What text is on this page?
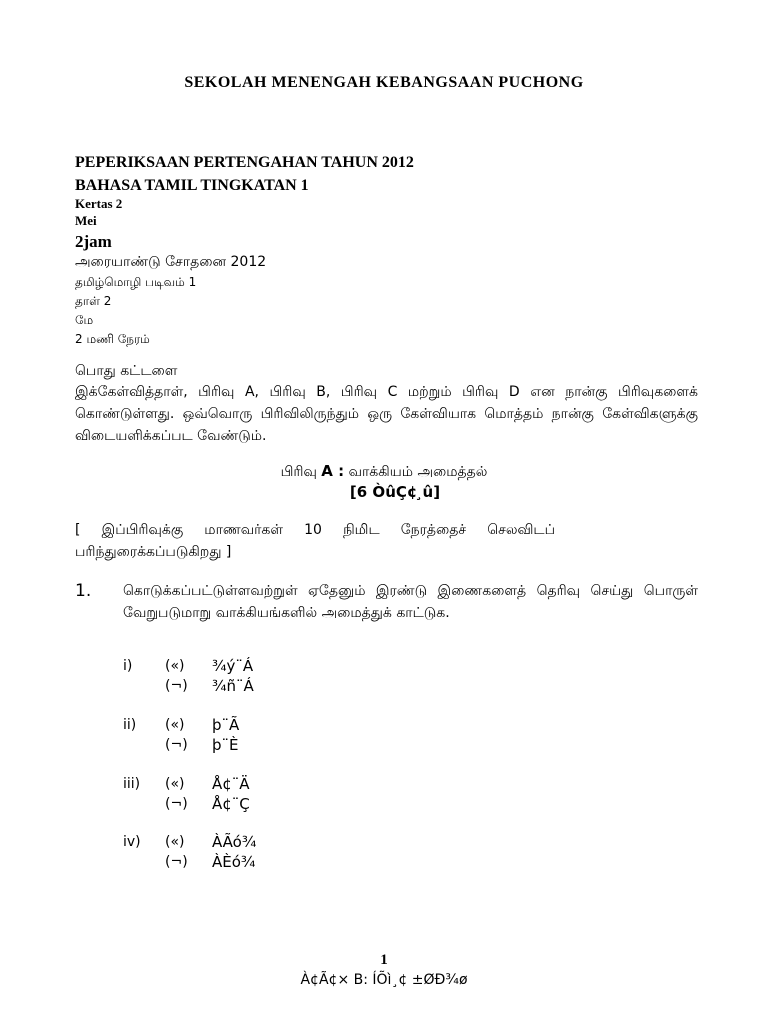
SEKOLAH MENENGAH KEBANGSAAN PUCHONG
PEPERIKSAAN PERTENGAHAN TAHUN 2012
BAHASA TAMIL TINGKATAN 1
Kertas 2
Mei
2jam
அரையாண்டு சோதனை 2012
தமிழ்மொழி படிவம் 1
தாள் 2
மே
2 மணி நேரம்
பொது கட்டளை
இக்கேள்வித்தாள், பிரிவு A, பிரிவு B, பிரிவு C மற்றும் பிரிவு D என நான்கு பிரிவுகளைக் கொண்டுள்ளது. ஒவ்வொரு பிரிவிலிருந்தும் ஒரு கேள்வியாக மொத்தம் நான்கு கேள்விகளுக்கு விடையளிக்கப்பட வேண்டும்.
பிரிவு A : வாக்கியம் அமைத்தல்
[6 ÒûÇ¢ ̧û]
[ இப்பிரிவுக்கு மாணவர்கள் 10 நிமிட நேரத்தைச் செலவிடப் பரிந்துரைக்கப்படுகிறது ]
1. கொடுக்கப்பட்டுள்ளவற்றுள் ஏதேனும் இரண்டு இணைகளைத் தெரிவு செய்து பொருள் வேறுபடுமாறு வாக்கியங்களில் அமைத்துக் காட்டுக.
i) («) ¾ý¨Á
(¬) ¾ñ¨Á
ii) («) þ¨Ã
(¬) þ¨È
iii) («) Å¢¨Ä
(¬) Å¢¨Ç
iv) («) ÀÃó¾
(¬) ÀÈó¾
1
À¢Ã¢× B: ÍÕì¸¢ ±ØÐ¾ø
